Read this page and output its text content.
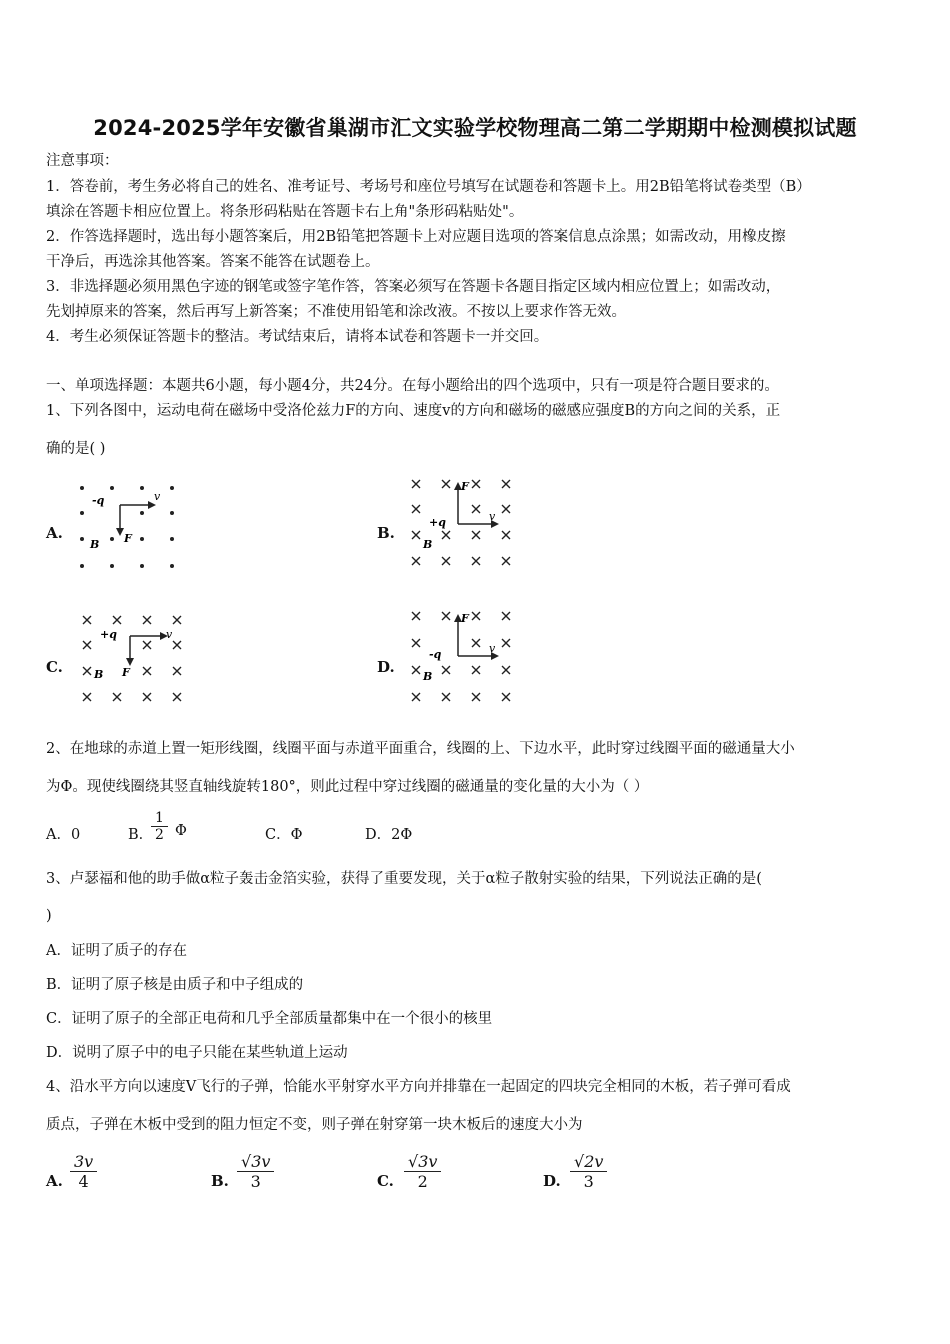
2024-2025学年安徽省巢湖市汇文实验学校物理高二第二学期期中检测模拟试题
注意事项：
1．答卷前，考生务必将自己的姓名、准考证号、考场号和座位号填写在试题卷和答题卡上。用2B铅笔将试卷类型（B）
填涂在答题卡相应位置上。将条形码粘贴在答题卡右上角"条形码粘贴处"。
2．作答选择题时，选出每小题答案后，用2B铅笔把答题卡上对应题目选项的答案信息点涂黑；如需改动，用橡皮擦
干净后，再选涂其他答案。答案不能答在试题卷上。
3．非选择题必须用黑色字迹的钢笔或签字笔作答，答案必须写在答题卡各题目指定区域内相应位置上；如需改动，
先划掉原来的答案，然后再写上新答案；不准使用铅笔和涂改液。不按以上要求作答无效。
4．考生必须保证答题卡的整洁。考试结束后，请将本试卷和答题卡一并交回。
一、单项选择题：本题共6小题，每小题4分，共24分。在每小题给出的四个选项中，只有一项是符合题目要求的。
1、下列各图中，运动电荷在磁场中受洛伦兹力F的方向、速度v的方向和磁场的磁感应强度B的方向之间的关系，正
确的是( )
A.	B.
C.	D.
-q	v
F
B
+q	v
F
B
+q	v
F
B
-q	v
F
B
2、在地球的赤道上置一矩形线圈，线圈平面与赤道平面重合，线圈的上、下边水平，此时穿过线圈平面的磁通量大小
为Φ。现使线圈绕其竖直轴线旋转180°，则此过程中穿过线圈的磁通量的变化量的大小为（ ）
A．0	B．
$\frac{1}{2}$ Φ	C．Φ	D．2Φ
3、卢瑟福和他的助手做α粒子轰击金箔实验，获得了重要发现，关于α粒子散射实验的结果，下列说法正确的是(
)
A．证明了质子的存在
B．证明了原子核是由质子和中子组成的
C．证明了原子的全部正电荷和几乎全部质量都集中在一个很小的核里
D．说明了原子中的电子只能在某些轨道上运动
4、沿水平方向以速度V飞行的子弹，恰能水平射穿水平方向并排靠在一起固定的四块完全相同的木板，若子弹可看成
质点，子弹在木板中受到的阻力恒定不变，则子弹在射穿第一块木板后的速度大小为
A. $\frac{3v}{4}$	B. $\frac{√3v}{3}$	C. $\frac{√3v}{2}$	D. $\frac{√2v}{3}$
